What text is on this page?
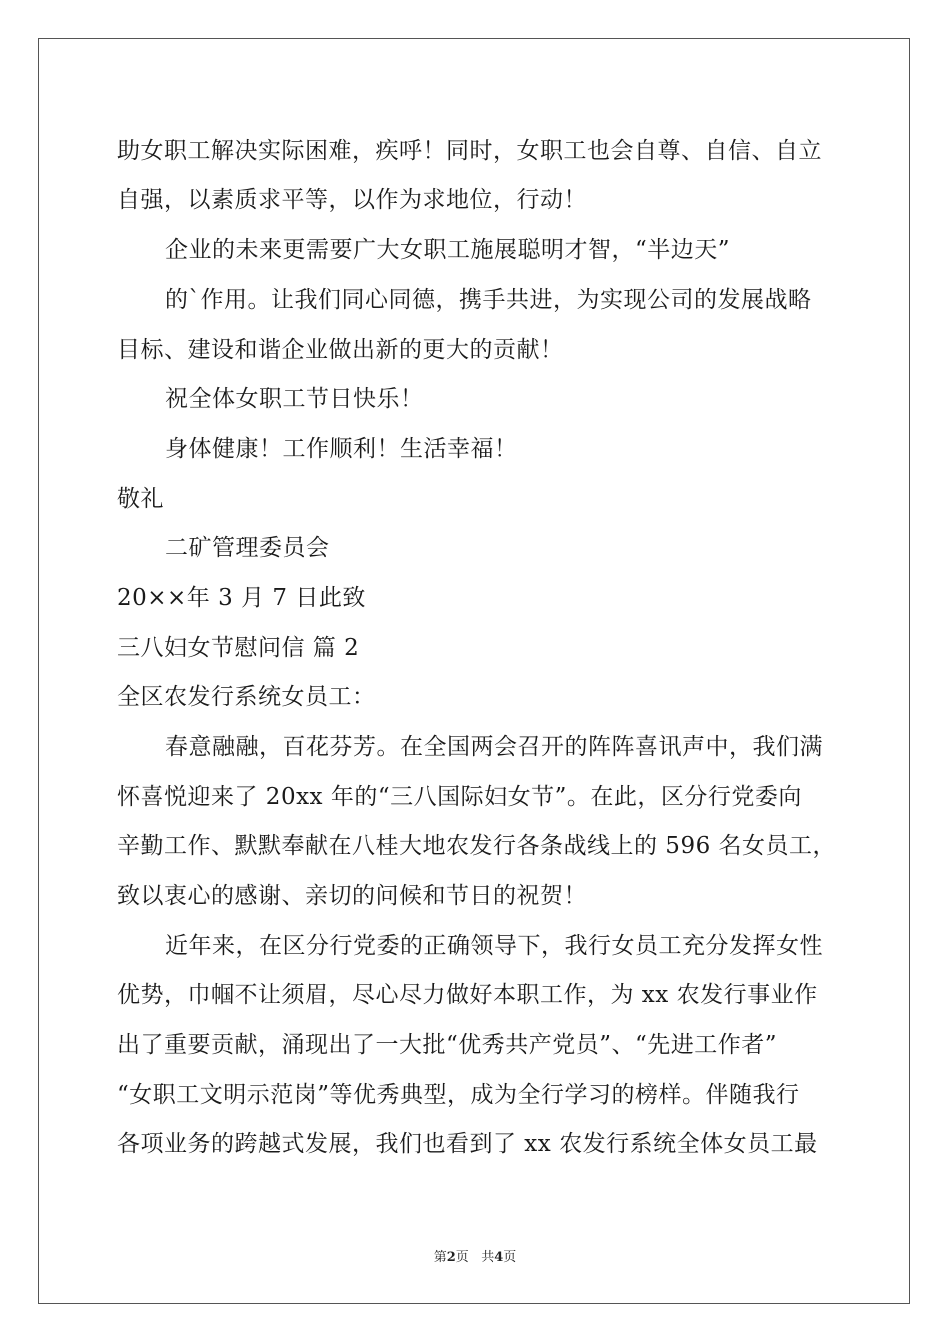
助女职工解决实际困难，疾呼！同时，女职工也会自尊、自信、自立
自强，以素质求平等，以作为求地位，行动！
企业的未来更需要广大女职工施展聪明才智，“半边天”
的`作用。让我们同心同德，携手共进，为实现公司的发展战略
目标、建设和谐企业做出新的更大的贡献！
祝全体女职工节日快乐！
身体健康！工作顺利！生活幸福！
敬礼
二矿管理委员会
20××年 3 月 7 日此致
三八妇女节慰问信 篇 2
全区农发行系统女员工：
春意融融，百花芬芳。在全国两会召开的阵阵喜讯声中，我们满
怀喜悦迎来了 20xx 年的“三八国际妇女节”。在此，区分行党委向
辛勤工作、默默奉献在八桂大地农发行各条战线上的 596 名女员工，
致以衷心的感谢、亲切的问候和节日的祝贺！
近年来，在区分行党委的正确领导下，我行女员工充分发挥女性
优势，巾帼不让须眉，尽心尽力做好本职工作，为 xx 农发行事业作
出了重要贡献，涌现出了一大批“优秀共产党员”、“先进工作者”
“女职工文明示范岗”等优秀典型，成为全行学习的榜样。伴随我行
各项业务的跨越式发展，我们也看到了 xx 农发行系统全体女员工最
第2页 共4页
